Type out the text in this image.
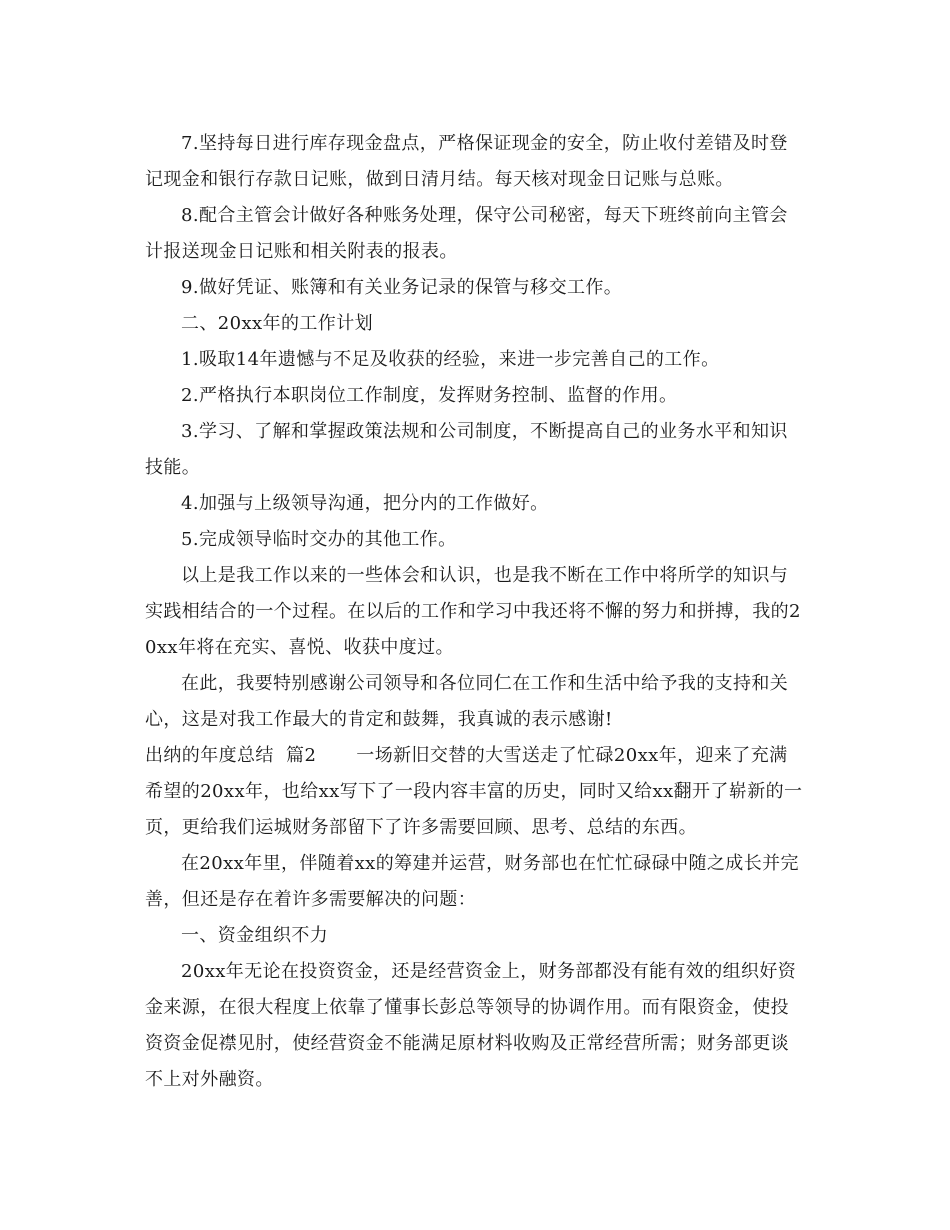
7.坚持每日进行库存现金盘点，严格保证现金的安全，防止收付差错及时登记现金和银行存款日记账，做到日清月结。每天核对现金日记账与总账。

8.配合主管会计做好各种账务处理，保守公司秘密，每天下班终前向主管会计报送现金日记账和相关附表的报表。

9.做好凭证、账簿和有关业务记录的保管与移交工作。

二、20xx年的工作计划

1.吸取14年遗憾与不足及收获的经验，来进一步完善自己的工作。

2.严格执行本职岗位工作制度，发挥财务控制、监督的作用。

3.学习、了解和掌握政策法规和公司制度，不断提高自己的业务水平和知识技能。

4.加强与上级领导沟通，把分内的工作做好。

5.完成领导临时交办的其他工作。

以上是我工作以来的一些体会和认识，也是我不断在工作中将所学的知识与实践相结合的一个过程。在以后的工作和学习中我还将不懈的努力和拼搏，我的20xx年将在充实、喜悦、收获中度过。

在此，我要特别感谢公司领导和各位同仁在工作和生活中给予我的支持和关心，这是对我工作最大的肯定和鼓舞，我真诚的表示感谢!

出纳的年度总结  篇2 一场新旧交替的大雪送走了忙碌20xx年，迎来了充满希望的20xx年，也给xx写下了一段内容丰富的历史，同时又给xx翻开了崭新的一页，更给我们运城财务部留下了许多需要回顾、思考、总结的东西。

在20xx年里，伴随着xx的筹建并运营，财务部也在忙忙碌碌中随之成长并完善，但还是存在着许多需要解决的问题：

一、资金组织不力

20xx年无论在投资资金，还是经营资金上，财务部都没有能有效的组织好资金来源，在很大程度上依靠了懂事长彭总等领导的协调作用。而有限资金，使投资资金促襟见肘，使经营资金不能满足原材料收购及正常经营所需；财务部更谈不上对外融资。
